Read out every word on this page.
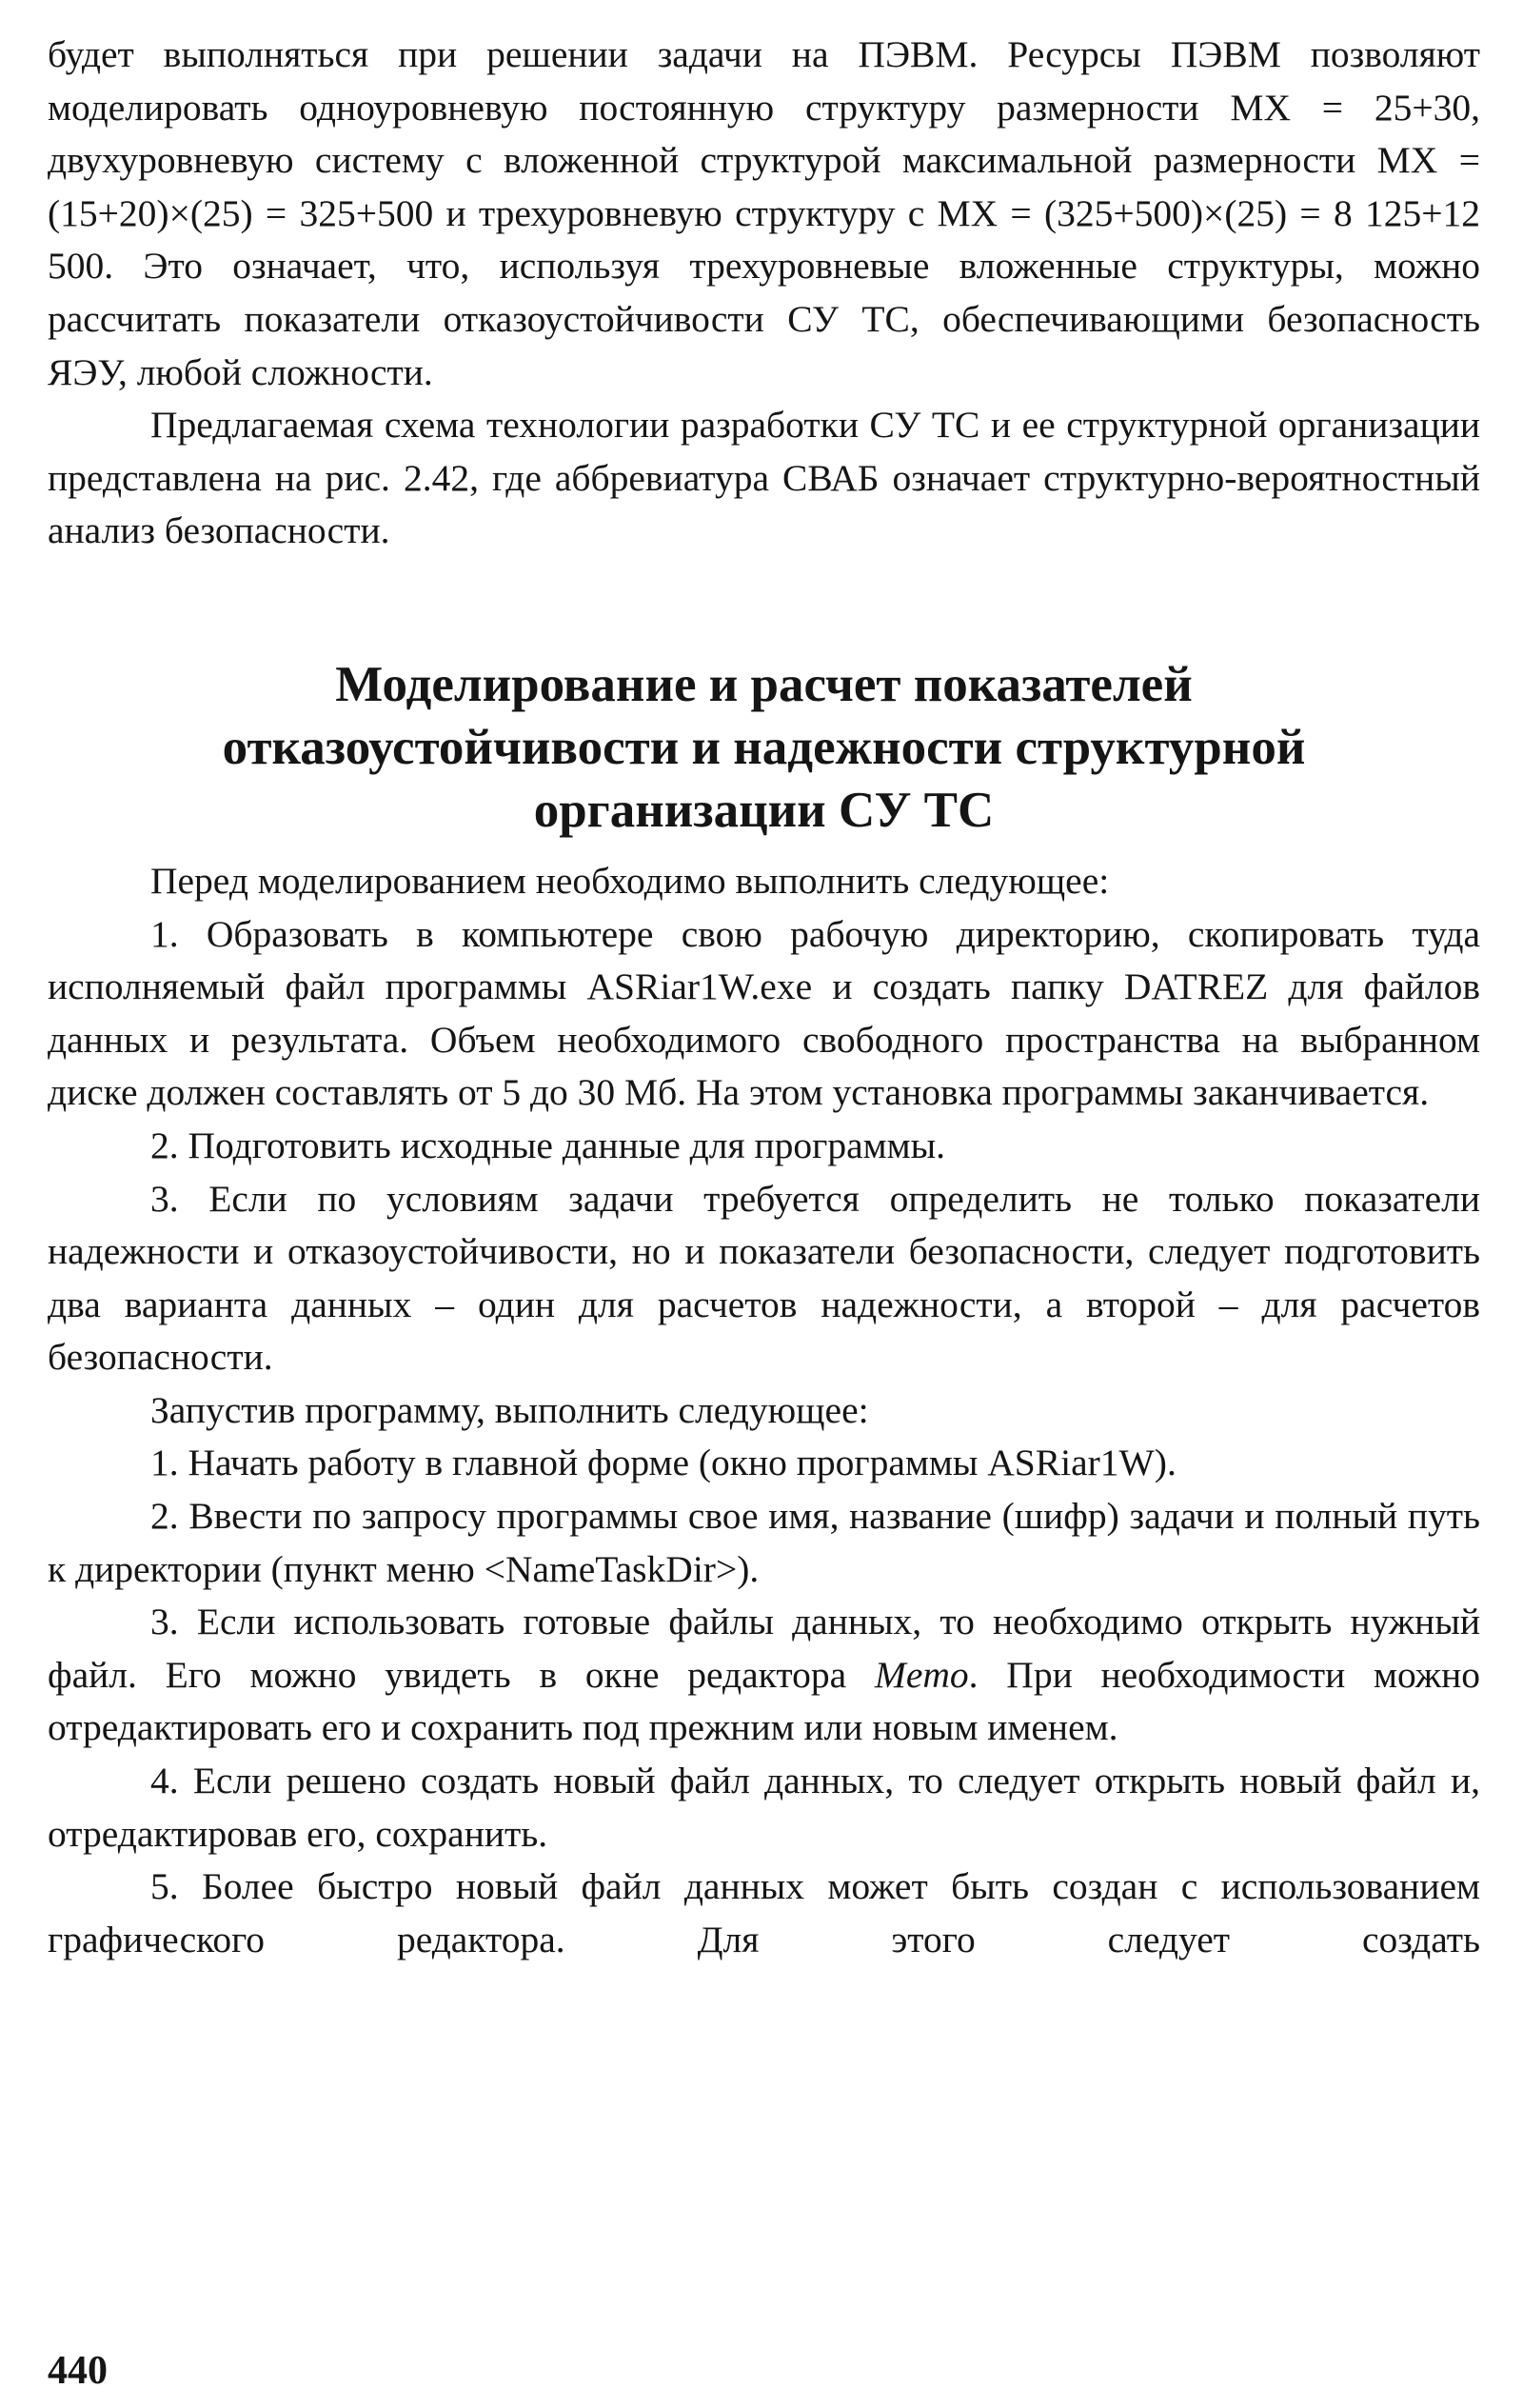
будет выполняться при решении задачи на ПЭВМ. Ресурсы ПЭВМ позволяют моделировать одноуровневую постоянную структуру размерности MX = 25+30, двухуровневую систему с вложенной структурой максимальной размерности MX = (15+20)×(25) = 325+500 и трехуровневую структуру с MX = (325+500)×(25) = 8 125+12 500. Это означает, что, используя трехуровневые вложенные структуры, можно рассчитать показатели отказоустойчивости СУ ТС, обеспечивающими безопасность ЯЭУ, любой сложности.

Предлагаемая схема технологии разработки СУ ТС и ее структурной организации представлена на рис. 2.42, где аббревиатура СВАБ означает структурно-вероятностный анализ безопасности.

Моделирование и расчет показателей
отказоустойчивости и надежности структурной
организации СУ ТС

Перед моделированием необходимо выполнить следующее:

1. Образовать в компьютере свою рабочую директорию, скопировать туда исполняемый файл программы ASRiar1W.exe и создать папку DATREZ для файлов данных и результата. Объем необходимого свободного пространства на выбранном диске должен составлять от 5 до 30 Мб. На этом установка программы заканчивается.

2. Подготовить исходные данные для программы.

3. Если по условиям задачи требуется определить не только показатели надежности и отказоустойчивости, но и показатели безопасности, следует подготовить два варианта данных – один для расчетов надежности, а второй – для расчетов безопасности.

Запустив программу, выполнить следующее:

1. Начать работу в главной форме (окно программы ASRiar1W).

2. Ввести по запросу программы свое имя, название (шифр) задачи и полный путь к директории (пункт меню <NameTaskDir>).

3. Если использовать готовые файлы данных, то необходимо открыть нужный файл. Его можно увидеть в окне редактора Memo. При необходимости можно отредактировать его и сохранить под прежним или новым именем.

4. Если решено создать новый файл данных, то следует открыть новый файл и, отредактировав его, сохранить.

5. Более быстро новый файл данных может быть создан с использованием графического редактора. Для этого следует создать

440
